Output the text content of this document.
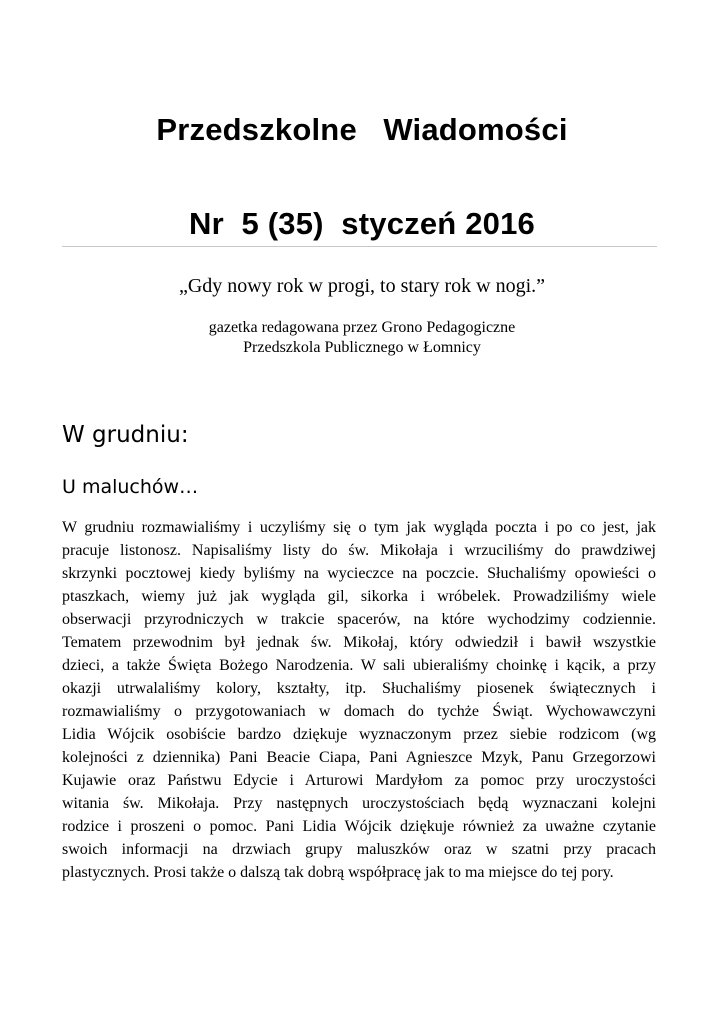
Przedszkolne   Wiadomości
Nr  5 (35)  styczeń 2016
„Gdy nowy rok w progi, to stary rok w nogi.”
gazetka redagowana przez Grono Pedagogiczne
Przedszkola Publicznego w Łomnicy
W grudniu:
U maluchów…
W grudniu rozmawialiśmy i uczyliśmy się o tym jak wygląda poczta i po co jest, jak
pracuje listonosz. Napisaliśmy listy do św. Mikołaja i wrzuciliśmy do prawdziwej
skrzynki pocztowej kiedy byliśmy na wycieczce na poczcie. Słuchaliśmy opowieści o
ptaszkach, wiemy już jak wygląda gil, sikorka i wróbelek. Prowadziliśmy wiele
obserwacji przyrodniczych w trakcie spacerów, na które wychodzimy codziennie.
Tematem przewodnim był jednak św. Mikołaj, który odwiedził i bawił wszystkie
dzieci, a także Święta Bożego Narodzenia. W sali ubieraliśmy choinkę i kącik, a przy
okazji utrwalaliśmy kolory, kształty, itp. Słuchaliśmy piosenek świątecznych i
rozmawialiśmy o przygotowaniach w domach do tychże Świąt. Wychowawczyni
Lidia Wójcik osobiście bardzo dziękuje wyznaczonym przez siebie rodzicom (wg
kolejności z dziennika) Pani Beacie Ciapa, Pani Agnieszce Mzyk, Panu Grzegorzowi
Kujawie oraz Państwu Edycie i Arturowi Mardyłom za pomoc przy uroczystości
witania św. Mikołaja. Przy następnych uroczystościach będą wyznaczani kolejni
rodzice i proszeni o pomoc. Pani Lidia Wójcik dziękuje również za uważne czytanie
swoich informacji na drzwiach grupy maluszków oraz w szatni przy pracach
plastycznych. Prosi także o dalszą tak dobrą współpracę jak to ma miejsce do tej pory.
